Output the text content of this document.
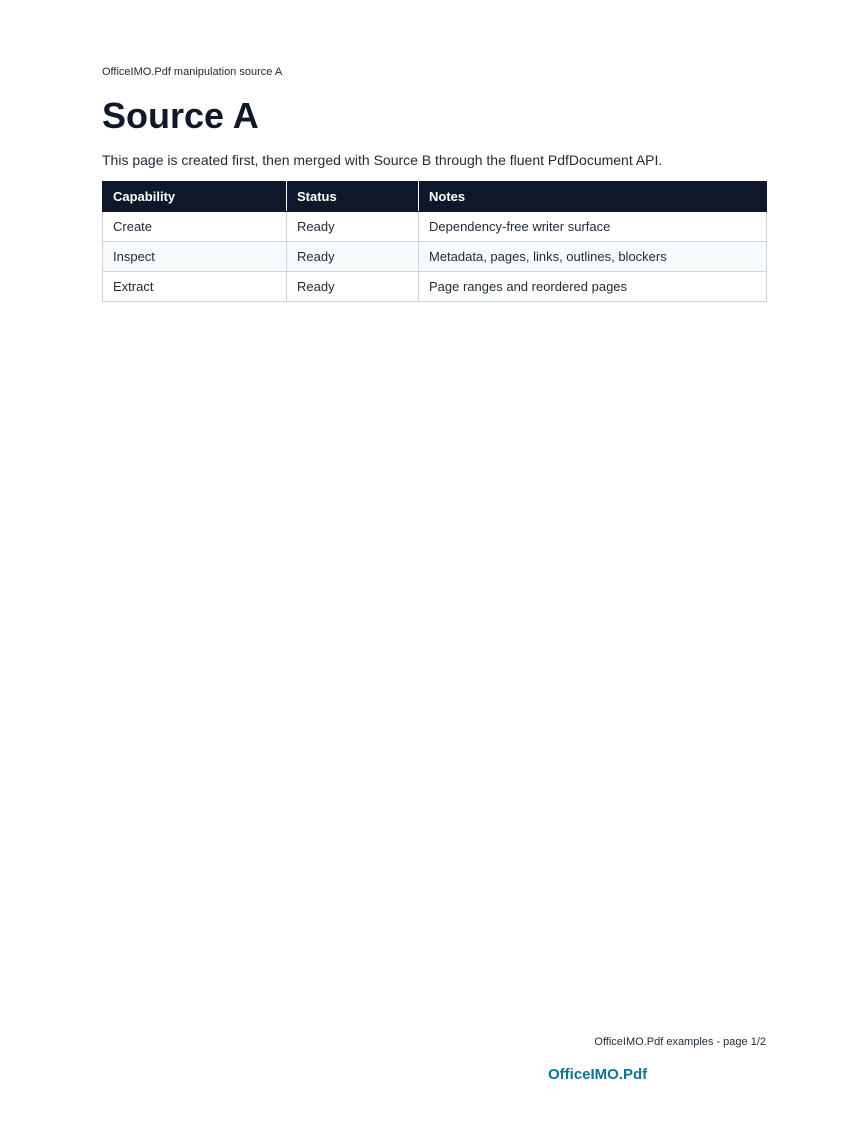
OfficeIMO.Pdf manipulation source A
Source A

This page is created first, then merged with Source B through the fluent PdfDocument API.

Capability	Status	Notes
Create	Ready	Dependency-free writer surface
Inspect	Ready	Metadata, pages, links, outlines, blockers
Extract	Ready	Page ranges and reordered pages
OfficeIMO.Pdf examples - page 1/2
OfficeIMO.Pdf
